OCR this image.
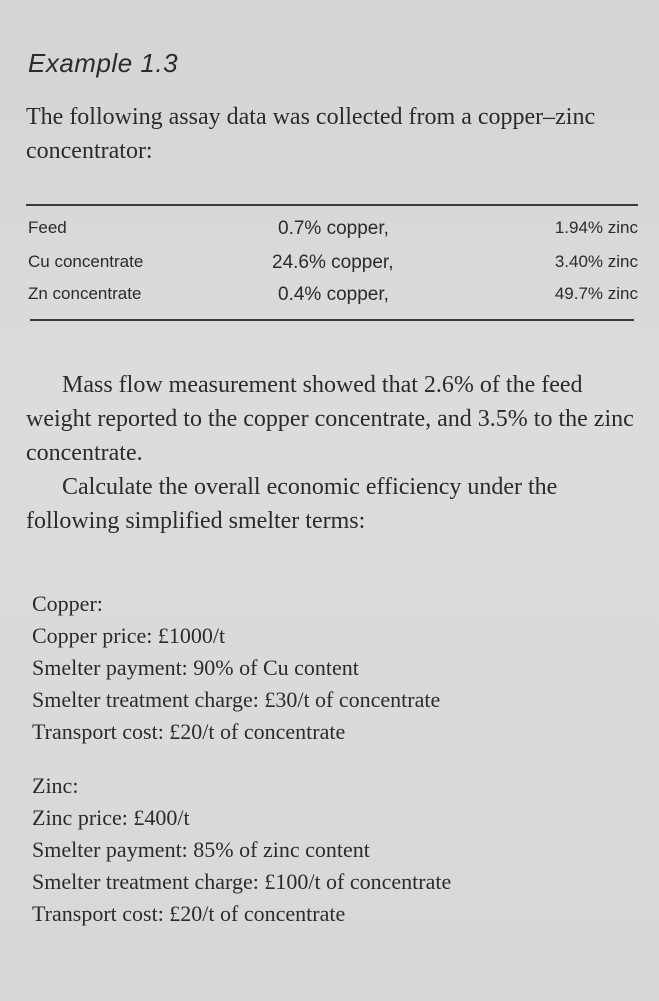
Example 1.3
The following assay data was collected from a copper–zinc concentrator:
Feed	0.7% copper,	1.94% zinc
Cu concentrate	24.6% copper,	3.40% zinc
Zn concentrate	0.4% copper,	49.7% zinc

Mass flow measurement showed that 2.6% of the feed weight reported to the copper concentrate, and 3.5% to the zinc concentrate.

Calculate the overall economic efficiency under the following simplified smelter terms:

Copper:
Copper price: £1000/t
Smelter payment: 90% of Cu content
Smelter treatment charge: £30/t of concentrate
Transport cost: £20/t of concentrate
Zinc:
Zinc price: £400/t
Smelter payment: 85% of zinc content
Smelter treatment charge: £100/t of concentrate
Transport cost: £20/t of concentrate
